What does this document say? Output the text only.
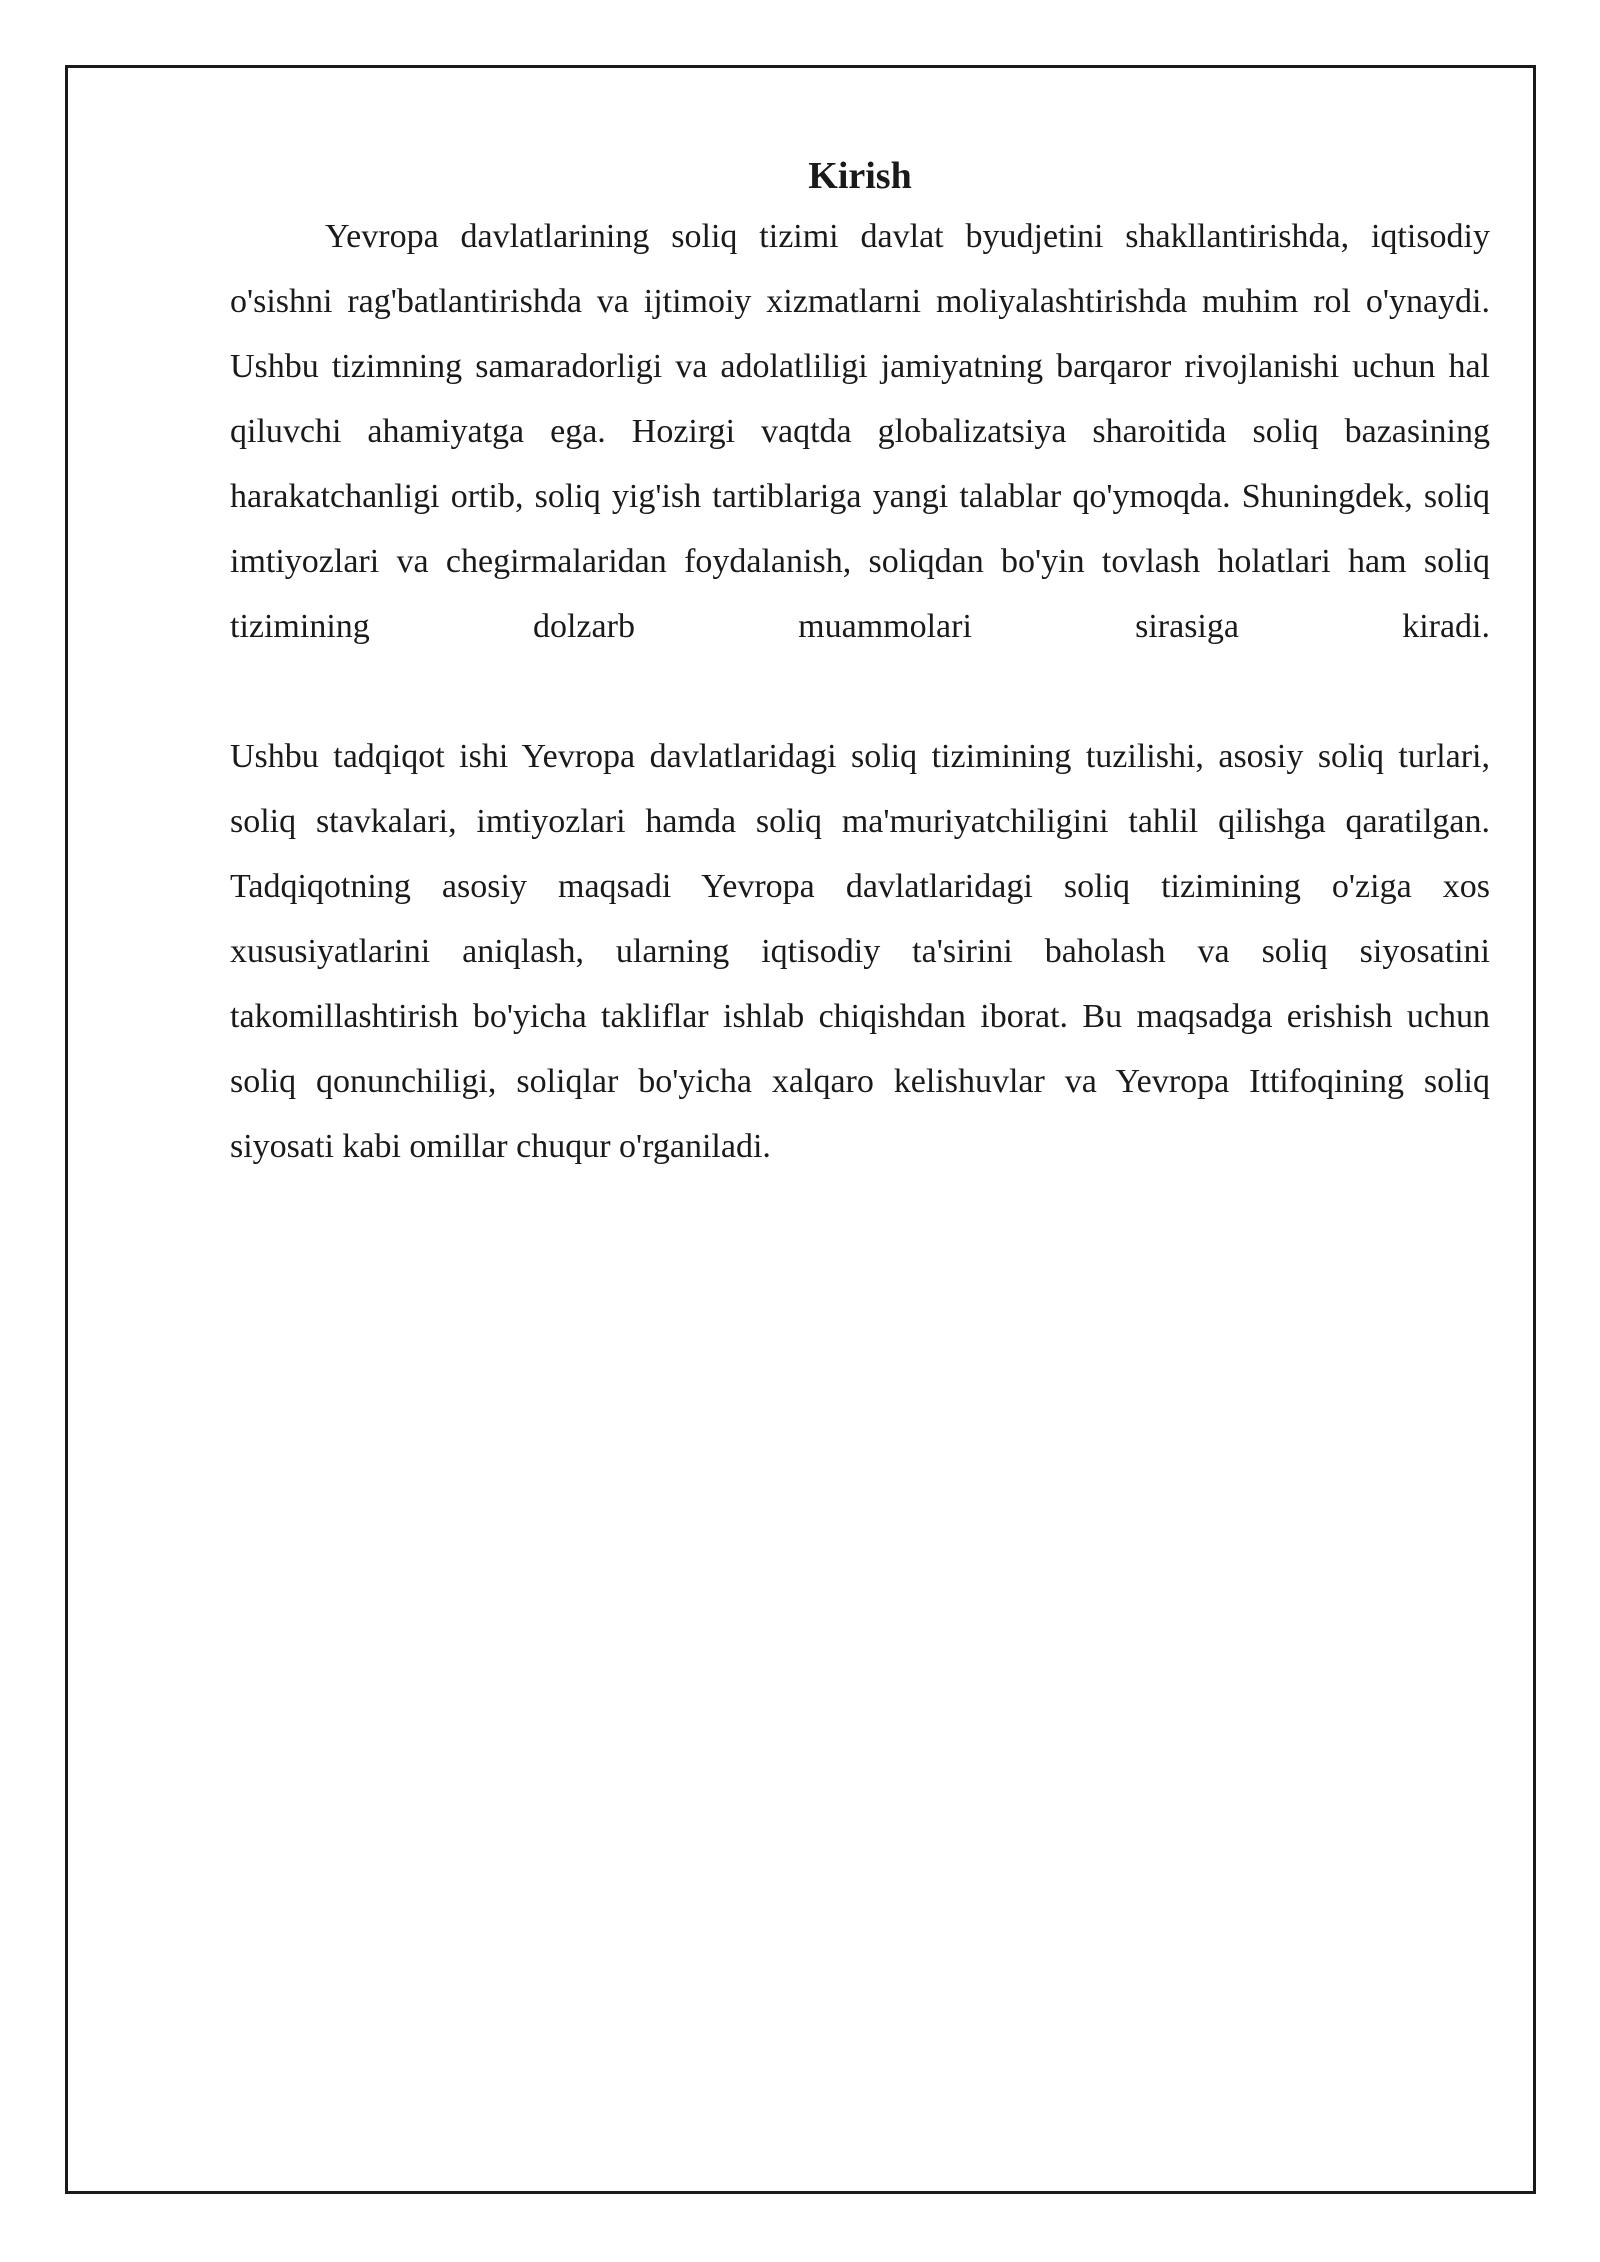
Kirish

Yevropa davlatlarining soliq tizimi davlat byudjetini shakllantirishda, iqtisodiy o'sishni rag'batlantirishda va ijtimoiy xizmatlarni moliyalashtirishda muhim rol o'ynaydi. Ushbu tizimning samaradorligi va adolatliligi jamiyatning barqaror rivojlanishi uchun hal qiluvchi ahamiyatga ega. Hozirgi vaqtda globalizatsiya sharoitida soliq bazasining harakatchanligi ortib, soliq yig'ish tartiblariga yangi talablar qo'ymoqda. Shuningdek, soliq imtiyozlari va chegirmalaridan foydalanish, soliqdan bo'yin tovlash holatlari ham soliq tizimining dolzarb muammolari sirasiga kiradi.

Ushbu tadqiqot ishi Yevropa davlatlaridagi soliq tizimining tuzilishi, asosiy soliq turlari, soliq stavkalari, imtiyozlari hamda soliq ma'muriyatchiligini tahlil qilishga qaratilgan. Tadqiqotning asosiy maqsadi Yevropa davlatlaridagi soliq tizimining o'ziga xos xususiyatlarini aniqlash, ularning iqtisodiy ta'sirini baholash va soliq siyosatini takomillashtirish bo'yicha takliflar ishlab chiqishdan iborat. Bu maqsadga erishish uchun soliq qonunchiligi, soliqlar bo'yicha xalqaro kelishuvlar va Yevropa Ittifoqining soliq siyosati kabi omillar chuqur o'rganiladi.
